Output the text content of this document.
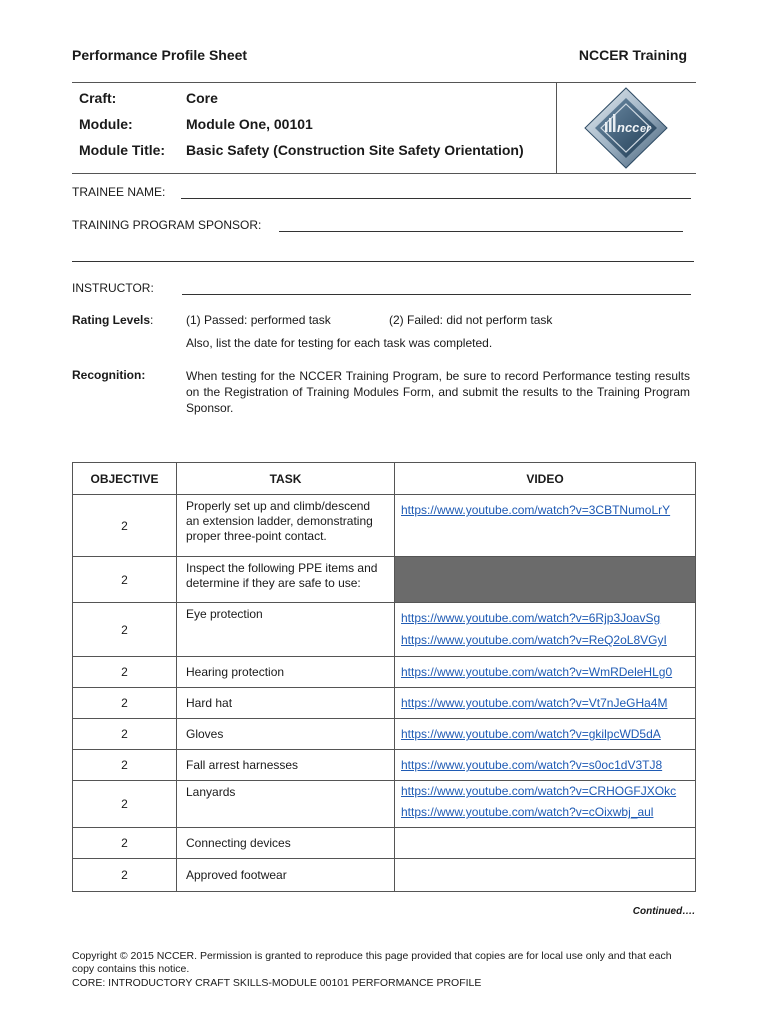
Performance Profile Sheet	NCCER Training
Craft:	Core
Module:	Module One, 00101
Module Title:	Basic Safety (Construction Site Safety Orientation)
ncc er
TRAINEE NAME:
TRAINING PROGRAM SPONSOR:
INSTRUCTOR:
Rating Levels:	(1) Passed: performed task	(2) Failed: did not perform task
Also, list the date for testing for each task was completed.
Recognition:	When testing for the NCCER Training Program, be sure to record Performance testing results on the Registration of Training Modules Form, and submit the results to the Training Program Sponsor.
OBJECTIVE	TASK	VIDEO
2	Properly set up and climb/descend an extension ladder, demonstrating proper three-point contact.	https://www.youtube.com/watch?v=3CBTNumoLrY

2	Inspect the following PPE items and determine if they are safe to use:	
2	Eye protection	https://www.youtube.com/watch?v=6Rjp3JoavSg
https://www.youtube.com/watch?v=ReQ2oL8VGyI

2	Hearing protection	https://www.youtube.com/watch?v=WmRDeleHLg0

2	Hard hat	https://www.youtube.com/watch?v=Vt7nJeGHa4M

2	Gloves	https://www.youtube.com/watch?v=gkilpcWD5dA

2	Fall arrest harnesses	https://www.youtube.com/watch?v=s0oc1dV3TJ8

2	Lanyards	https://www.youtube.com/watch?v=CRHOGFJXOkc
https://www.youtube.com/watch?v=cOixwbj_aul

2	Connecting devices	
2	Approved footwear	
Continued….
Copyright © 2015 NCCER. Permission is granted to reproduce this page provided that copies are for local use only and that each copy contains this notice.
CORE: INTRODUCTORY CRAFT SKILLS-MODULE 00101 PERFORMANCE PROFILE
